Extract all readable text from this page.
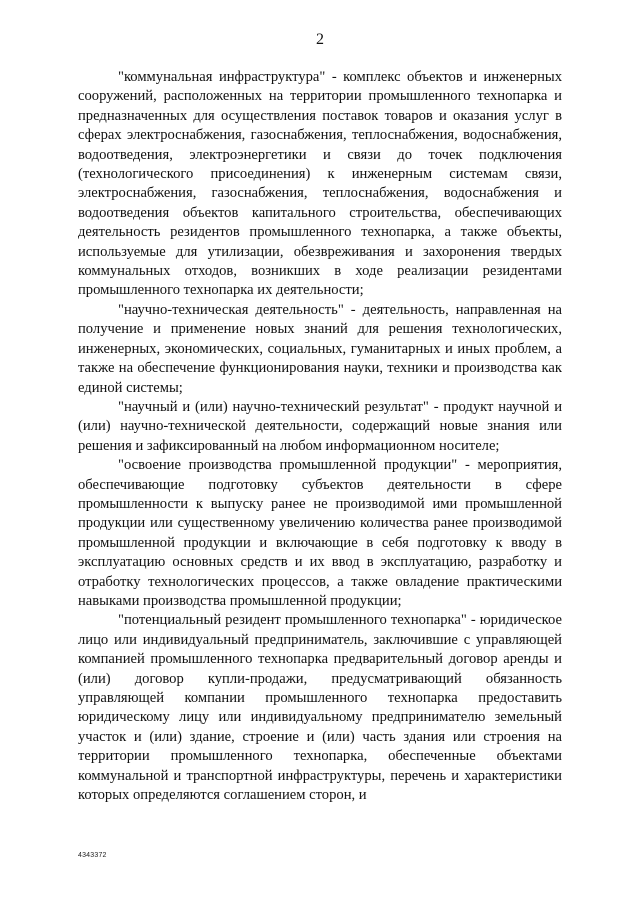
2

"коммунальная инфраструктура" - комплекс объектов и инженерных сооружений, расположенных на территории промышленного технопарка и предназначенных для осуществления поставок товаров и оказания услуг в сферах электроснабжения, газоснабжения, теплоснабжения, водоснабжения, водоотведения, электроэнергетики и связи до точек подключения (технологического присоединения) к инженерным системам связи, электроснабжения, газоснабжения, теплоснабжения, водоснабжения и водоотведения объектов капитального строительства, обеспечивающих деятельность резидентов промышленного технопарка, а также объекты, используемые для утилизации, обезвреживания и захоронения твердых коммунальных отходов, возникших в ходе реализации резидентами промышленного технопарка их деятельности;

"научно-техническая деятельность" - деятельность, направленная на получение и применение новых знаний для решения технологических, инженерных, экономических, социальных, гуманитарных и иных проблем, а также на обеспечение функционирования науки, техники и производства как единой системы;

"научный и (или) научно-технический результат" - продукт научной и (или) научно-технической деятельности, содержащий новые знания или решения и зафиксированный на любом информационном носителе;

"освоение производства промышленной продукции" - мероприятия, обеспечивающие подготовку субъектов деятельности в сфере промышленности к выпуску ранее не производимой ими промышленной продукции или существенному увеличению количества ранее производимой промышленной продукции и включающие в себя подготовку к вводу в эксплуатацию основных средств и их ввод в эксплуатацию, разработку и отработку технологических процессов, а также овладение практическими навыками производства промышленной продукции;

"потенциальный резидент промышленного технопарка" - юридическое лицо или индивидуальный предприниматель, заключившие с управляющей компанией промышленного технопарка предварительный договор аренды и (или) договор купли-продажи, предусматривающий обязанность управляющей компании промышленного технопарка предоставить юридическому лицу или индивидуальному предпринимателю земельный участок и (или) здание, строение и (или) часть здания или строения на территории промышленного технопарка, обеспеченные объектами коммунальной и транспортной инфраструктуры, перечень и характеристики которых определяются соглашением сторон, и

4343372
